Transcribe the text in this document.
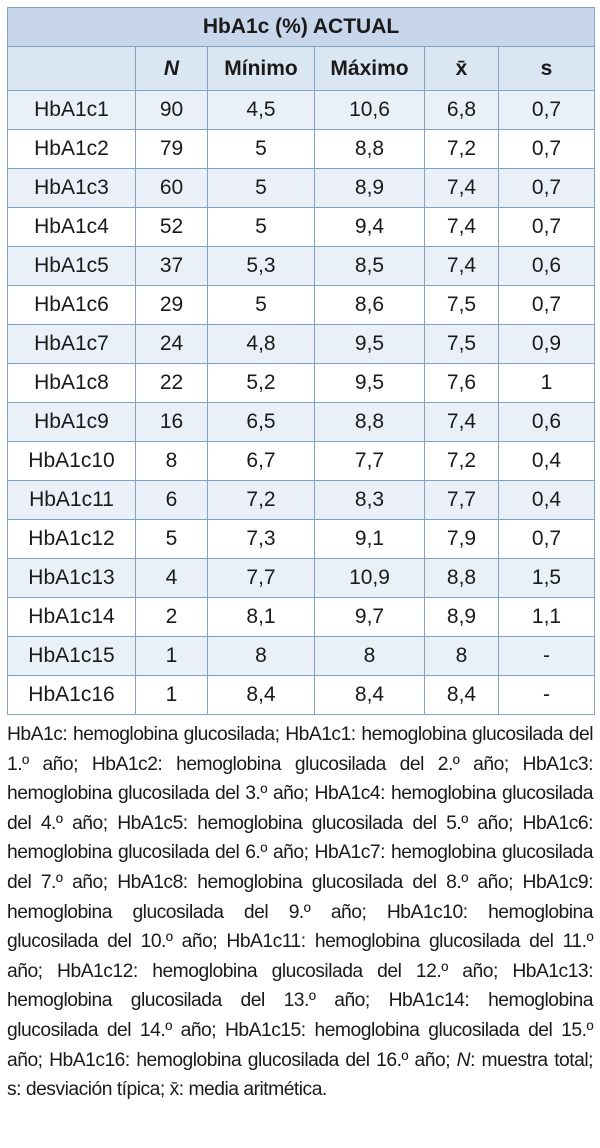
HbA1c (%) ACTUAL					
	N	Mínimo	Máximo	x̄	s
HbA1c1	90	4,5	10,6	6,8	0,7
HbA1c2	79	5	8,8	7,2	0,7
HbA1c3	60	5	8,9	7,4	0,7
HbA1c4	52	5	9,4	7,4	0,7
HbA1c5	37	5,3	8,5	7,4	0,6
HbA1c6	29	5	8,6	7,5	0,7
HbA1c7	24	4,8	9,5	7,5	0,9
HbA1c8	22	5,2	9,5	7,6	1
HbA1c9	16	6,5	8,8	7,4	0,6
HbA1c10	8	6,7	7,7	7,2	0,4
HbA1c11	6	7,2	8,3	7,7	0,4
HbA1c12	5	7,3	9,1	7,9	0,7
HbA1c13	4	7,7	10,9	8,8	1,5
HbA1c14	2	8,1	9,7	8,9	1,1
HbA1c15	1	8	8	8	-
HbA1c16	1	8,4	8,4	8,4	-
HbA1c: hemoglobina glucosilada; HbA1c1: hemoglobina glucosilada del 1.º año; HbA1c2: hemoglobina glucosilada del 2.º año; HbA1c3: hemoglobina glucosilada del 3.º año; HbA1c4: hemoglobina glucosilada del 4.º año; HbA1c5: hemoglobina glucosilada del 5.º año; HbA1c6: hemoglobina glucosilada del 6.º año; HbA1c7: hemoglobina glucosilada del 7.º año; HbA1c8: hemoglobina glucosilada del 8.º año; HbA1c9: hemoglobina glucosilada del 9.º año; HbA1c10: hemoglobina glucosilada del 10.º año; HbA1c11: hemoglobina glucosilada del 11.º año; HbA1c12: hemoglobina glucosilada del 12.º año; HbA1c13: hemoglobina glucosilada del 13.º año; HbA1c14: hemoglobina glucosilada del 14.º año; HbA1c15: hemoglobina glucosilada del 15.º año; HbA1c16: hemoglobina glucosilada del 16.º año; N: muestra total; s: desviación típica; x̄: media aritmética.
